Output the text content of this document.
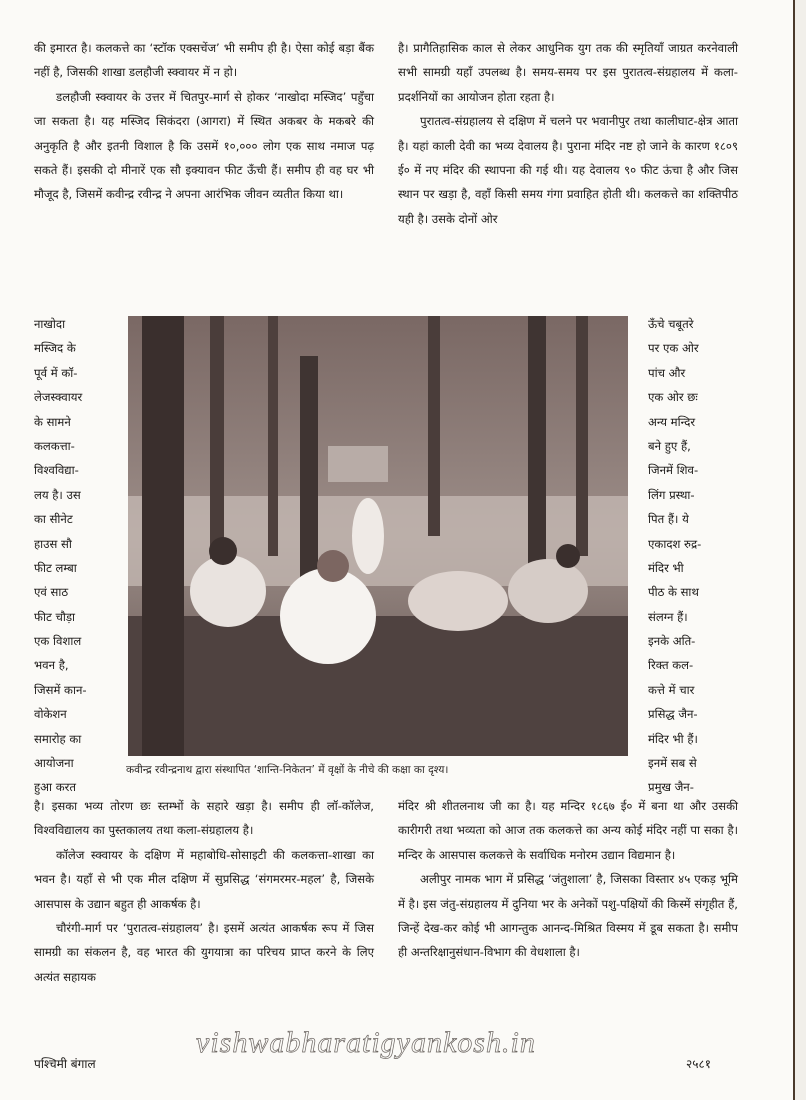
की इमारत है। कलकत्ते का ‘स्टॉक एक्सचेंज’ भी समीप ही है। ऐसा कोई बड़ा बैंक नहीं है, जिसकी शाखा डलहौजी स्क्वायर में न हो।

डलहौजी स्क्वायर के उत्तर में चितपुर-मार्ग से होकर ‘नाखोदा मस्जिद’ पहुँचा जा सकता है। यह मस्जिद सिकंदरा (आगरा) में स्थित अकबर के मकबरे की अनुकृति है और इतनी विशाल है कि उसमें १०,००० लोग एक साथ नमाज पढ़ सकते हैं। इसकी दो मीनारें एक सौ इक्यावन फीट ऊँची हैं। समीप ही वह घर भी मौजूद है, जिसमें कवीन्द्र रवीन्द्र ने अपना आरंभिक जीवन व्यतीत किया था।

है। प्रागैतिहासिक काल से लेकर आधुनिक युग तक की स्मृतियाँ जाग्रत करनेवाली सभी सामग्री यहाँ उपलब्ध है। समय-समय पर इस पुरातत्व-संग्रहालय में कला-प्रदर्शनियों का आयोजन होता रहता है।

पुरातत्व-संग्रहालय से दक्षिण में चलने पर भवानीपुर तथा कालीघाट-क्षेत्र आता है। यहां काली देवी का भव्य देवालय है। पुराना मंदिर नष्ट हो जाने के कारण १८०९ ई० में नए मंदिर की स्थापना की गई थी। यह देवालय ९० फीट ऊंचा है और जिस स्थान पर खड़ा है, वहाँ किसी समय गंगा प्रवाहित होती थी। कलकत्ते का शक्तिपीठ यही है। उसके दोनों ओर

नाखोदा
मस्जिद के
पूर्व में कॉ-
लेजस्क्वायर
के सामने
कलकत्ता-
विश्वविद्या-
लय है। उस
का सीनेट
हाउस सौ
फीट लम्बा
एवं साठ
फीट चौड़ा
एक विशाल
भवन है,
जिसमें कान-
वोकेशन
समारोह का
आयोजना
हुआ करत
ऊँचे चबूतरे
पर एक ओर
पांच और
एक ओर छः
अन्य मन्दिर
बने हुए हैं,
जिनमें शिव-
लिंग प्रस्था-
पित हैं। ये
एकादश रुद्र-
मंदिर भी
पीठ के साथ
संलग्न हैं।
इनके अति-
रिक्त कल-
कत्ते में चार
प्रसिद्ध जैन-
मंदिर भी हैं।
इनमें सब से
प्रमुख जैन-
कवीन्द्र रवीन्द्रनाथ द्वारा संस्थापित ‘शान्ति-निकेतन’ में वृक्षों के नीचे की कक्षा का दृश्य।

है। इसका भव्य तोरण छः स्तम्भों के सहारे खड़ा है। समीप ही लॉ-कॉलेज, विश्वविद्यालय का पुस्तकालय तथा कला-संग्रहालय है।

कॉलेज स्क्वायर के दक्षिण में महाबोधि-सोसाइटी की कलकत्ता-शाखा का भवन है। यहाँ से भी एक मील दक्षिण में सुप्रसिद्ध ‘संगमरमर-महल’ है, जिसके आसपास के उद्यान बहुत ही आकर्षक है।

चौरंगी-मार्ग पर ‘पुरातत्व-संग्रहालय’ है। इसमें अत्यंत आकर्षक रूप में जिस सामग्री का संकलन है, वह भारत की युगयात्रा का परिचय प्राप्त करने के लिए अत्यंत सहायक

मंदिर श्री शीतलनाथ जी का है। यह मन्दिर १८६७ ई० में बना था और उसकी कारीगरी तथा भव्यता को आज तक कलकत्ते का अन्य कोई मंदिर नहीं पा सका है। मन्दिर के आसपास कलकत्ते के सर्वाधिक मनोरम उद्यान विद्यमान है।

अलीपुर नामक भाग में प्रसिद्ध ‘जंतुशाला’ है, जिसका विस्तार ४५ एकड़ भूमि में है। इस जंतु-संग्रहालय में दुनिया भर के अनेकों पशु-पक्षियों की किस्में संगृहीत हैं, जिन्हें देख-कर कोई भी आगन्तुक आनन्द-मिश्रित विस्मय में डूब सकता है। समीप ही अन्तरिक्षानुसंधान-विभाग की वेधशाला है।

vishwabharatigyankosh.in
पश्चिमी बंगाल	२५८१
